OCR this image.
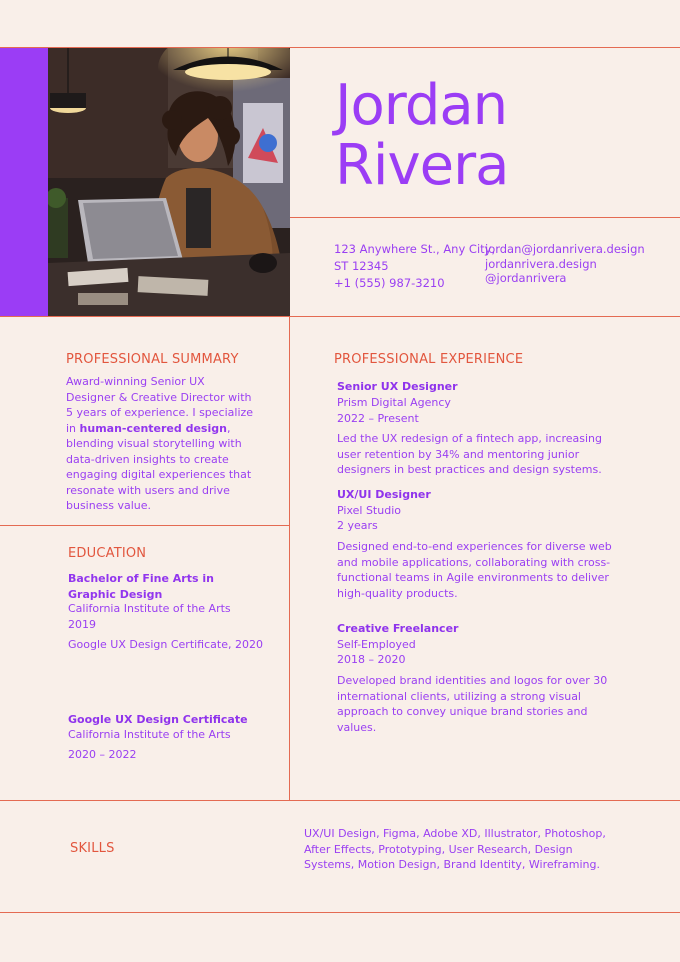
Jordan
Rivera
123 Anywhere St., Any City,
ST 12345
+1 (555) 987-3210
jordan@jordanrivera.design
jordanrivera.design
@jordanrivera
PROFESSIONAL SUMMARY
Award-winning Senior UX Designer & Creative Director with 5 years of experience. I specialize in human-centered design, blending visual storytelling with data-driven insights to create engaging digital experiences that resonate with users and drive business value.
EDUCATION
Bachelor of Fine Arts in Graphic Design
California Institute of the Arts
2019
Google UX Design Certificate, 2020
Google UX Design Certificate
California Institute of the Arts
2020 – 2022
PROFESSIONAL EXPERIENCE
Senior UX Designer
Prism Digital Agency
2022 – Present
Led the UX redesign of a fintech app, increasing user retention by 34% and mentoring junior designers in best practices and design systems.
UX/UI Designer
Pixel Studio
2 years
Designed end-to-end experiences for diverse web and mobile applications, collaborating with cross-functional teams in Agile environments to deliver high-quality products.
Creative Freelancer
Self-Employed
2018 – 2020
Developed brand identities and logos for over 30 international clients, utilizing a strong visual approach to convey unique brand stories and values.
SKILLS
UX/UI Design, Figma, Adobe XD, Illustrator, Photoshop, After Effects, Prototyping, User Research, Design Systems, Motion Design, Brand Identity, Wireframing.
